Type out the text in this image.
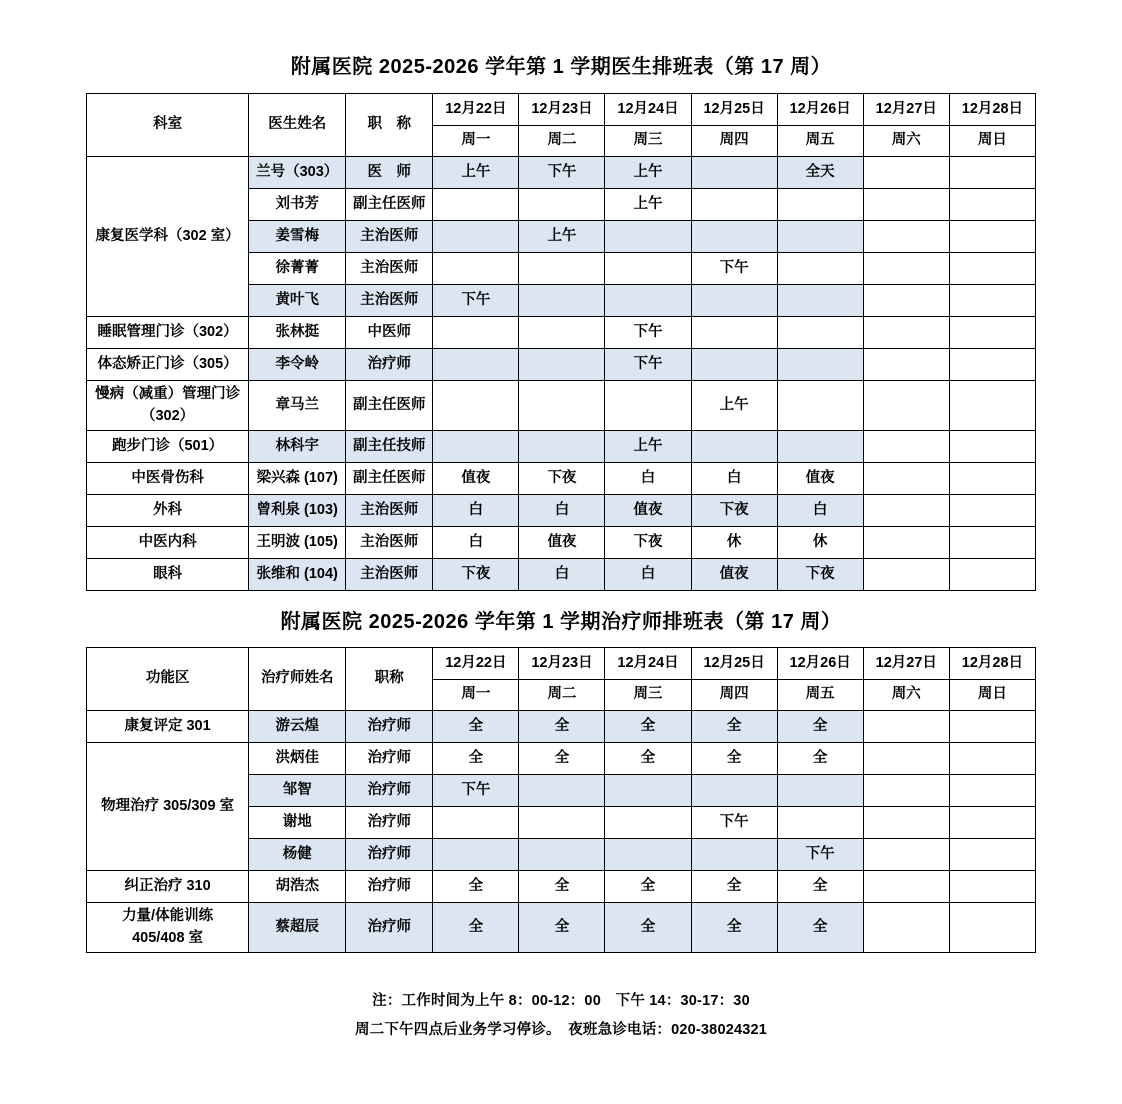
附属医院 2025-2026 学年第 1 学期医生排班表（第 17 周）
科室	医生姓名	职　称	12月22日	12月23日	12月24日	12月25日	12月26日	12月27日	12月28日
			周一	周二	周三	周四	周五	周六	周日
康复医学科（302 室）	兰号（303）	医　师	上午	下午	上午		全天		
	刘书芳	副主任医师			上午				
	姜雪梅	主治医师		上午					
	徐菁菁	主治医师				下午			
	黄叶飞	主治医师	下午						
睡眠管理门诊（302）	张林挺	中医师			下午				
体态矫正门诊（305）	李令岭	治疗师			下午				
慢病（减重）管理门诊
（302）	章马兰	副主任医师				上午			
跑步门诊（501）	林科宇	副主任技师			上午				
中医骨伤科	梁兴森 (107)	副主任医师	值夜	下夜	白	白	值夜		
外科	曾利泉 (103)	主治医师	白	白	值夜	下夜	白		
中医内科	王明波 (105)	主治医师	白	值夜	下夜	休	休		
眼科	张维和 (104)	主治医师	下夜	白	白	值夜	下夜		
附属医院 2025-2026 学年第 1 学期治疗师排班表（第 17 周）
功能区	治疗师姓名	职称	12月22日	12月23日	12月24日	12月25日	12月26日	12月27日	12月28日
			周一	周二	周三	周四	周五	周六	周日
康复评定 301	游云煌	治疗师	全	全	全	全	全		
物理治疗 305/309 室	洪炳佳	治疗师	全	全	全	全	全		
	邹智	治疗师	下午						
	谢地	治疗师				下午			
	杨健	治疗师					下午		
纠正治疗 310	胡浩杰	治疗师	全	全	全	全	全		
力量/体能训练
405/408 室	蔡超辰	治疗师	全	全	全	全	全		
注：工作时间为上午 8：00-12：00　下午 14：30-17：30
周二下午四点后业务学习停诊。　夜班急诊电话：020-38024321
